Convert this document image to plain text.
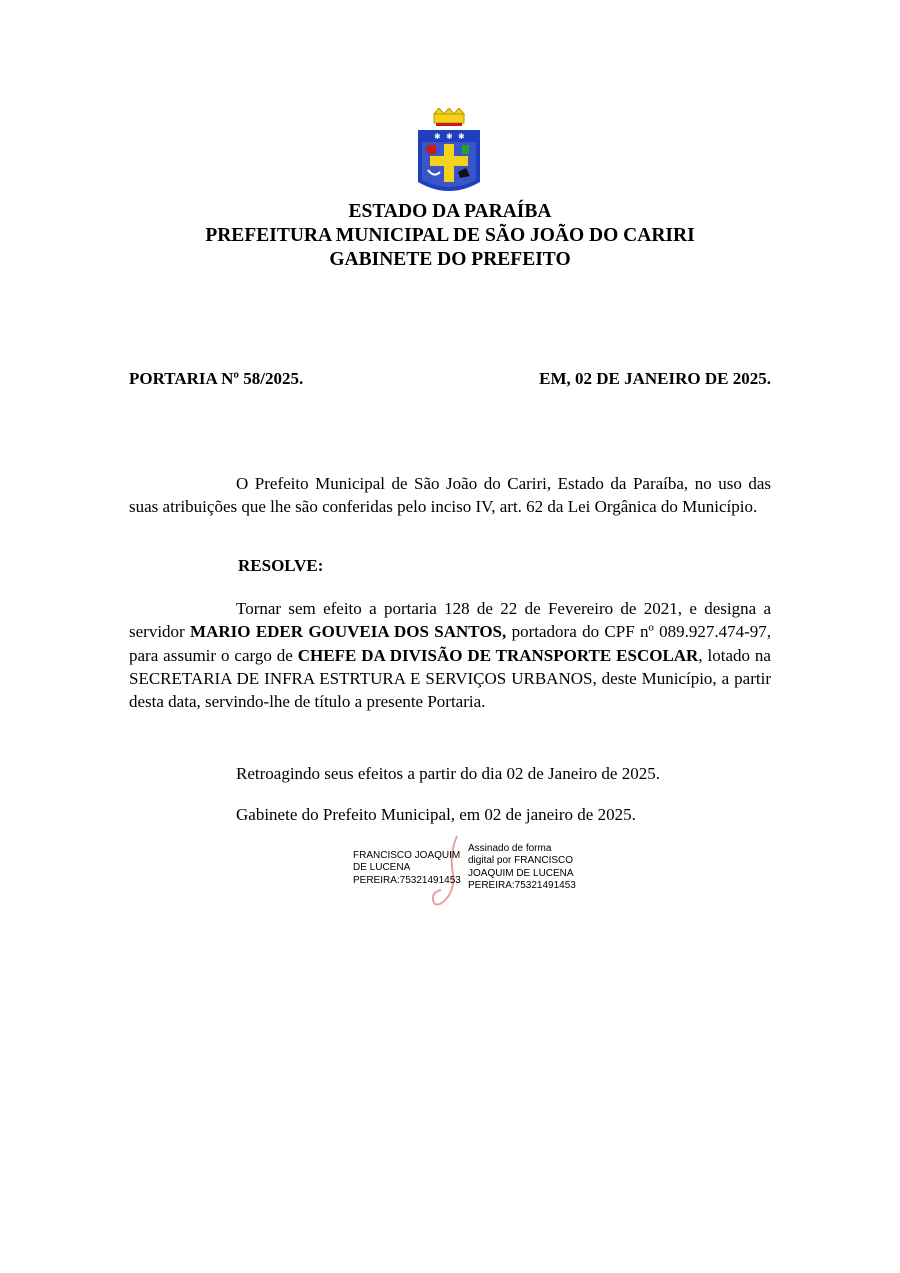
✱ ✱ ✱
ESTADO DA PARAÍBA
PREFEITURA MUNICIPAL DE SÃO JOÃO DO CARIRI
GABINETE DO PREFEITO
PORTARIA Nº 58/2025.	EM, 02 DE JANEIRO DE 2025.
O Prefeito Municipal de São João do Cariri, Estado da Paraíba, no uso das suas atribuições que lhe são conferidas pelo inciso IV, art. 62 da Lei Orgânica do Município.
RESOLVE:
Tornar sem efeito a portaria 128 de 22 de Fevereiro de 2021, e designa a servidor MARIO EDER GOUVEIA DOS SANTOS, portadora do CPF nº 089.927.474-97, para assumir o cargo de CHEFE DA DIVISÃO DE TRANSPORTE ESCOLAR, lotado na SECRETARIA DE INFRA ESTRTURA E SERVIÇOS URBANOS, deste Município, a partir desta data, servindo-lhe de título a presente Portaria.
Retroagindo seus efeitos a partir do dia 02 de Janeiro de 2025.
Gabinete do Prefeito Municipal, em 02 de janeiro de 2025.
FRANCISCO JOAQUIM
DE LUCENA
PEREIRA:75321491453
Assinado de forma
digital por FRANCISCO
JOAQUIM DE LUCENA
PEREIRA:75321491453
